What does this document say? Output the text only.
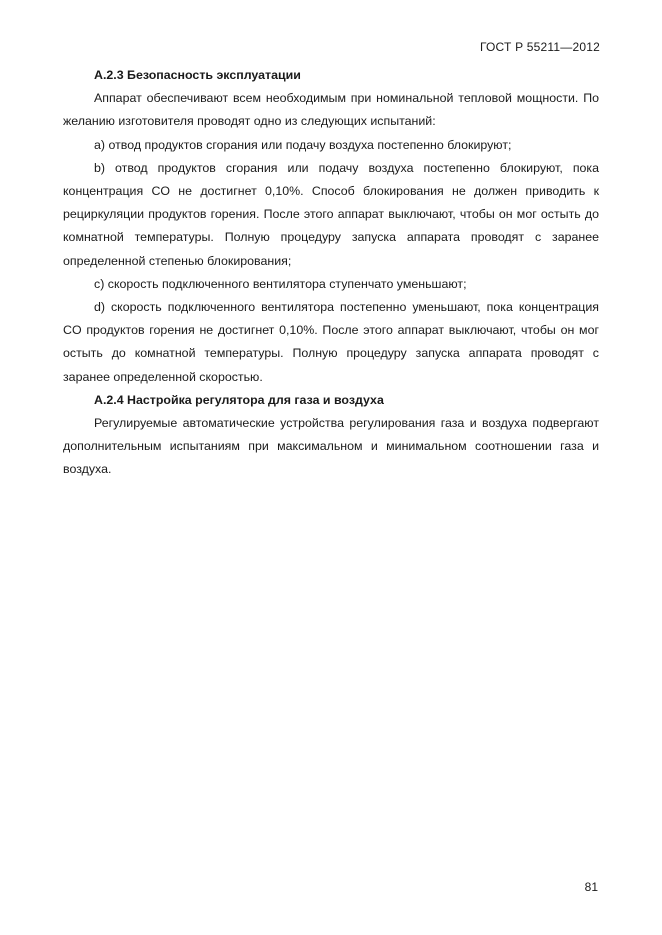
ГОСТ Р 55211—2012

А.2.3 Безопасность эксплуатации

Аппарат обеспечивают всем необходимым при номинальной тепловой мощности. По желанию изготовителя проводят одно из следующих испытаний:

а) отвод продуктов сгорания или подачу воздуха постепенно блокируют;

b) отвод продуктов сгорания или подачу воздуха постепенно блокируют, пока концентрация CO не достигнет 0,10%. Способ блокирования не должен приводить к рециркуляции продуктов горения. После этого аппарат выключают, чтобы он мог остыть до комнатной температуры. Полную процедуру запуска аппарата проводят с заранее определенной степенью блокирования;

с) скорость подключенного вентилятора ступенчато уменьшают;

d) скорость подключенного вентилятора постепенно уменьшают, пока концентрация CO продуктов горения не достигнет 0,10%. После этого аппарат выключают, чтобы он мог остыть до комнатной температуры. Полную процедуру запуска аппарата проводят с заранее определенной скоростью.

А.2.4 Настройка регулятора для газа и воздуха

Регулируемые автоматические устройства регулирования газа и воздуха подвергают дополнительным испытаниям при максимальном и минимальном соотношении газа и воздуха.

81
